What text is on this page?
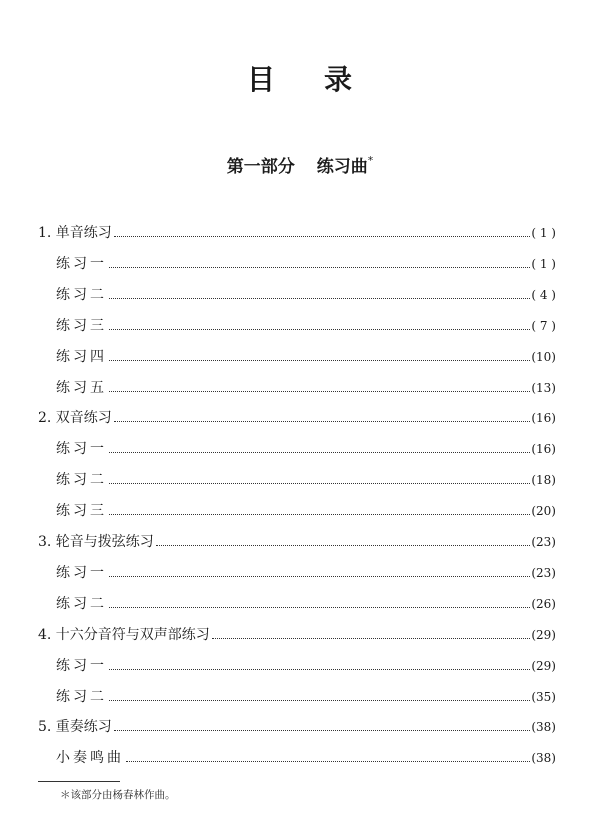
目 录
第一部分 练习曲*
1. 单音练习	( 1 )
练习一	( 1 )
练习二	( 4 )
练习三	( 7 )
练习四	(10)
练习五	(13)
2. 双音练习	(16)
练习一	(16)
练习二	(18)
练习三	(20)
3. 轮音与拨弦练习	(23)
练习一	(23)
练习二	(26)
4. 十六分音符与双声部练习	(29)
练习一	(29)
练习二	(35)
5. 重奏练习	(38)
小奏鸣曲	(38)
＊该部分由杨春林作曲。
